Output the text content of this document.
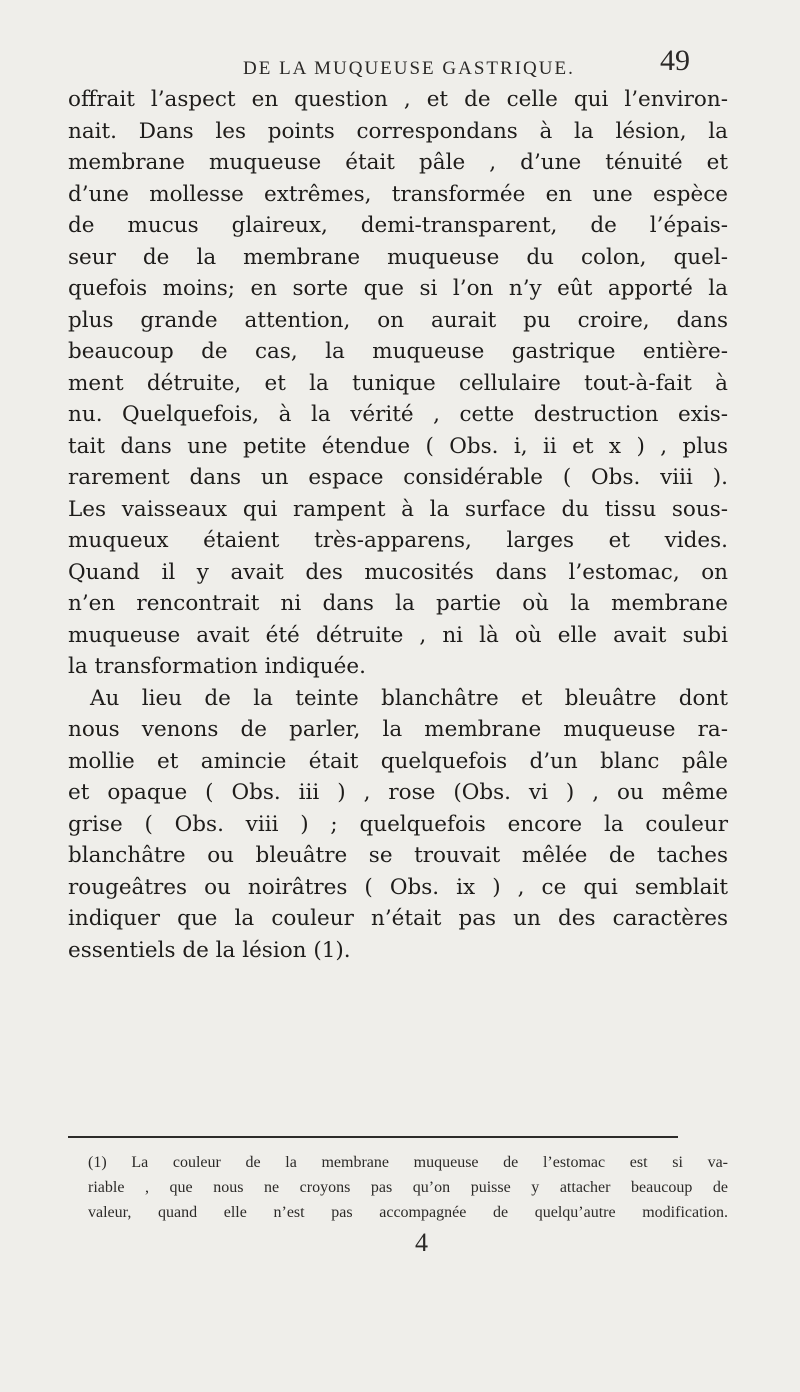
DE LA MUQUEUSE GASTRIQUE.	49
offrait l’aspect en question , et de celle qui l’environ-
nait. Dans les points correspondans à la lésion, la
membrane muqueuse était pâle , d’une ténuité et
d’une mollesse extrêmes, transformée en une espèce
de mucus glaireux, demi-transparent, de l’épais-
seur de la membrane muqueuse du colon, quel-
quefois moins; en sorte que si l’on n’y eût apporté la
plus grande attention, on aurait pu croire, dans
beaucoup de cas, la muqueuse gastrique entière-
ment détruite, et la tunique cellulaire tout-à-fait à
nu. Quelquefois, à la vérité , cette destruction exis-
tait dans une petite étendue ( Obs. i, ii et x ) , plus
rarement dans un espace considérable ( Obs. viii ).
Les vaisseaux qui rampent à la surface du tissu sous-
muqueux étaient très-apparens, larges et vides.
Quand il y avait des mucosités dans l’estomac, on
n’en rencontrait ni dans la partie où la membrane
muqueuse avait été détruite , ni là où elle avait subi
la transformation indiquée.
Au lieu de la teinte blanchâtre et bleuâtre dont
nous venons de parler, la membrane muqueuse ra-
mollie et amincie était quelquefois d’un blanc pâle
et opaque ( Obs. iii ) , rose (Obs. vi ) , ou même
grise ( Obs. viii ) ; quelquefois encore la couleur
blanchâtre ou bleuâtre se trouvait mêlée de taches
rougeâtres ou noirâtres ( Obs. ix ) , ce qui semblait
indiquer que la couleur n’était pas un des caractères
essentiels de la lésion (1).
(1) La couleur de la membrane muqueuse de l’estomac est si va-
riable , que nous ne croyons pas qu’on puisse y attacher beaucoup de
valeur, quand elle n’est pas accompagnée de quelqu’autre modification.
4
